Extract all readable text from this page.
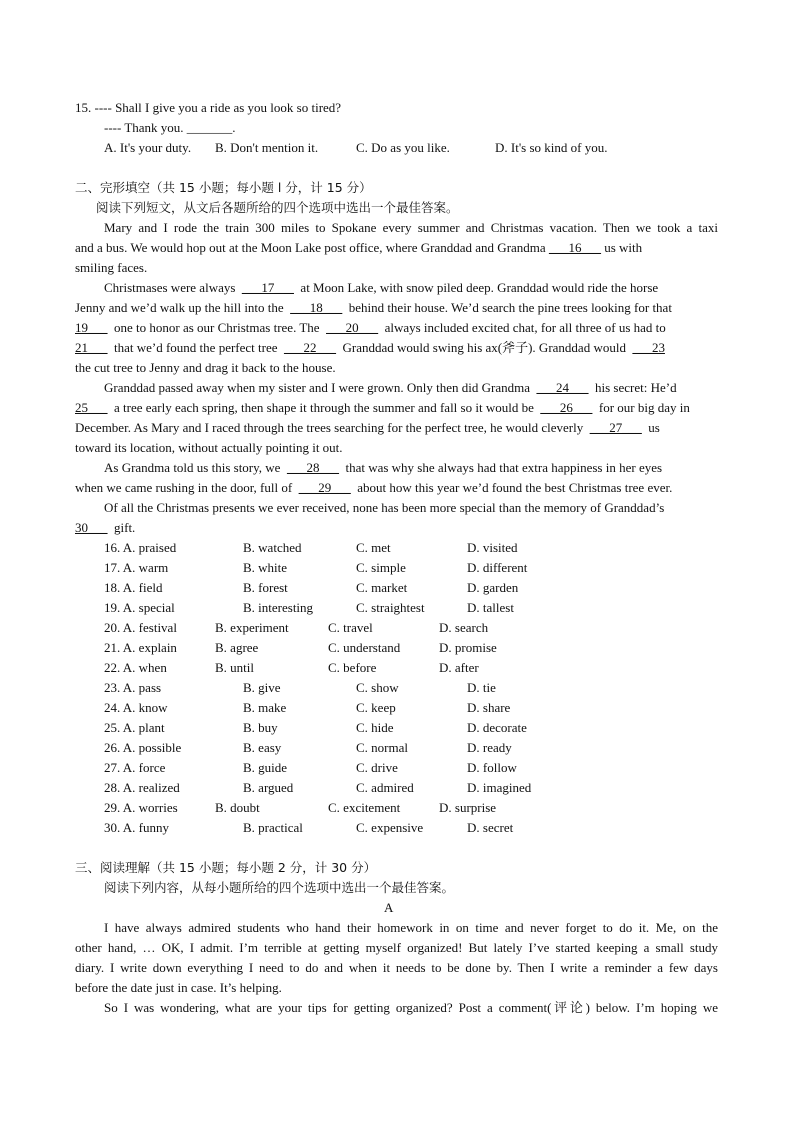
15. ---- Shall I give you a ride as you look so tired?
---- Thank you. _______.
A. It's your duty. B. Don't mention it.	C. Do as you like.	D. It's so kind of you.
二、完形填空（共 15 小题；每小题 l 分，计 15 分）
阅读下列短文，从文后各题所给的四个选项中选出一个最佳答案。
Mary and I rode the train 300 miles to Spokane every summer and Christmas vacation. Then we took a taxi
and a bus. We would hop out at the Moon Lake post office, where Granddad and Grandma ___16___ us with
smiling faces.
Christmases were always ___17___ at Moon Lake, with snow piled deep. Granddad would ride the horse
Jenny and we’d walk up the hill into the ___18___ behind their house. We’d search the pine trees looking for that
19___ one to honor as our Christmas tree. The ___20___ always included excited chat, for all three of us had to
21___ that we’d found the perfect tree ___22___ Granddad would swing his ax(斧子). Granddad would ___23
the cut tree to Jenny and drag it back to the house.
Granddad passed away when my sister and I were grown. Only then did Grandma ___24___ his secret: He’d
25___ a tree early each spring, then shape it through the summer and fall so it would be ___26___ for our big day in
December. As Mary and I raced through the trees searching for the perfect tree, he would cleverly ___27___ us
toward its location, without actually pointing it out.
As Grandma told us this story, we ___28___ that was why she always had that extra happiness in her eyes
when we came rushing in the door, full of ___29___ about how this year we’d found the best Christmas tree ever.
Of all the Christmas presents we ever received, none has been more special than the memory of Granddad’s
30___ gift.
16. A. praised	B. watched	C. met	D. visited
17. A. warm	B. white	C. simple	D. different
18. A. field	B. forest	C. market	D. garden
19. A. special	B. interesting	C. straightest	D. tallest
20. A. festival	B. experiment	C. travel	D. search
21. A. explain	B. agree	C. understand	D. promise
22. A. when	B. until	C. before	D. after
23. A. pass	B. give	C. show	D. tie
24. A. know	B. make	C. keep	D. share
25. A. plant	B. buy	C. hide	D. decorate
26. A. possible	B. easy	C. normal	D. ready
27. A. force	B. guide	C. drive	D. follow
28. A. realized	B. argued	C. admired	D. imagined
29. A. worries	B. doubt	C. excitement	D. surprise
30. A. funny	B. practical	C. expensive	D. secret
三、阅读理解（共 15 小题；每小题 2 分，计 30 分）
阅读下列内容，从每小题所给的四个选项中选出一个最佳答案。
A
I have always admired students who hand their homework in on time and never forget to do it. Me, on the
other hand, … OK, I admit. I’m terrible at getting myself organized! But lately I’ve started keeping a small study
diary. I write down everything I need to do and when it needs to be done by. Then I write a reminder a few days
before the date just in case. It’s helping.
So I was wondering, what are your tips for getting organized? Post a comment(评论) below. I’m hoping we
